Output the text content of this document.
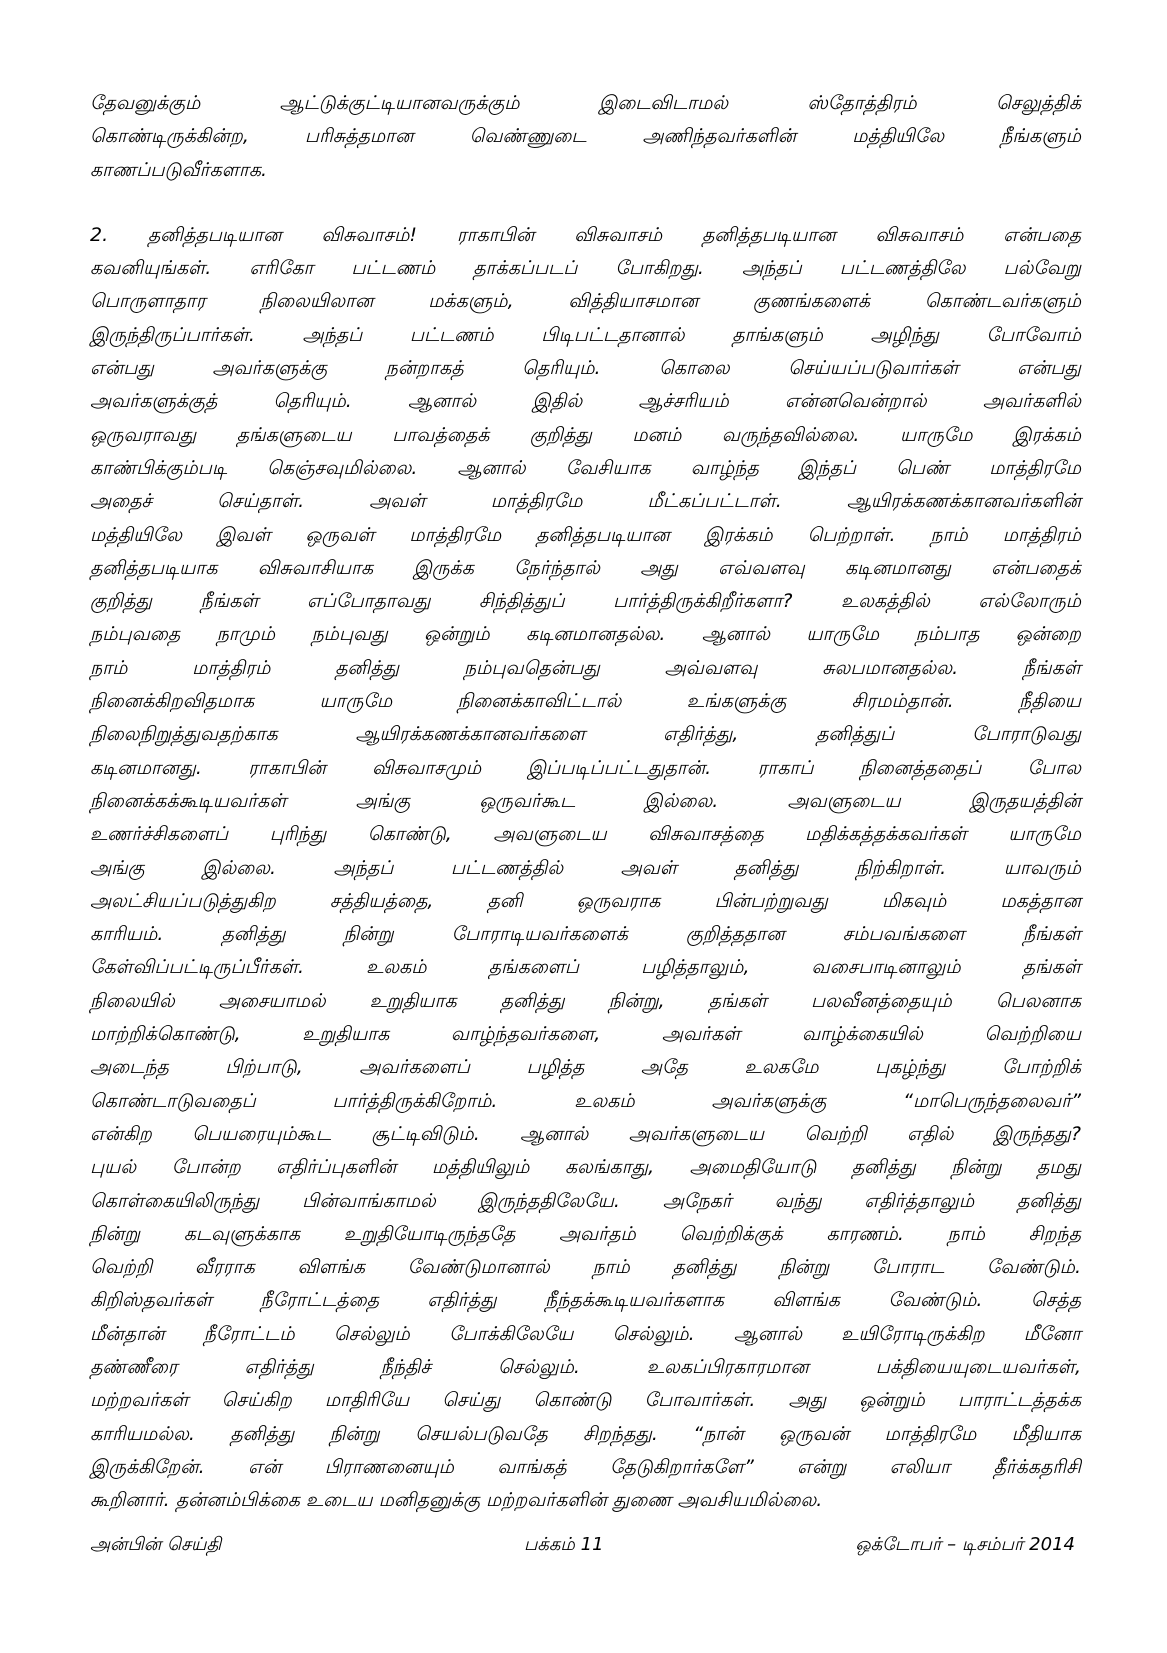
தேவனுக்கும் ஆட்டுக்குட்டியானவருக்கும் இடைவிடாமல் ஸ்தோத்திரம் செலுத்திக்
கொண்டிருக்கின்ற, பரிசுத்தமான வெண்ணுடை அணிந்தவர்களின் மத்தியிலே நீங்களும்
காணப்படுவீர்களாக.
2. தனித்தபடியான விசுவாசம்! ராகாபின் விசுவாசம் தனித்தபடியான விசுவாசம் என்பதை
கவனியுங்கள். எரிகோ பட்டணம் தாக்கப்படப் போகிறது. அந்தப் பட்டணத்திலே பல்வேறு
பொருளாதார நிலையிலான மக்களும், வித்தியாசமான குணங்களைக் கொண்டவர்களும்
இருந்திருப்பார்கள். அந்தப் பட்டணம் பிடிபட்டதானால் தாங்களும் அழிந்து போவோம்
என்பது அவர்களுக்கு நன்றாகத் தெரியும். கொலை செய்யப்படுவார்கள் என்பது
அவர்களுக்குத் தெரியும். ஆனால் இதில் ஆச்சரியம் என்னவென்றால் அவர்களில்
ஒருவராவது தங்களுடைய பாவத்தைக் குறித்து மனம் வருந்தவில்லை. யாருமே இரக்கம்
காண்பிக்கும்படி கெஞ்சவுமில்லை. ஆனால் வேசியாக வாழ்ந்த இந்தப் பெண் மாத்திரமே
அதைச் செய்தாள். அவள் மாத்திரமே மீட்கப்பட்டாள். ஆயிரக்கணக்கானவர்களின்
மத்தியிலே இவள் ஒருவள் மாத்திரமே தனித்தபடியான இரக்கம் பெற்றாள். நாம் மாத்திரம்
தனித்தபடியாக விசுவாசியாக இருக்க நேர்ந்தால் அது எவ்வளவு கடினமானது என்பதைக்
குறித்து நீங்கள் எப்போதாவது சிந்தித்துப் பார்த்திருக்கிறீர்களா? உலகத்தில் எல்லோரும்
நம்புவதை நாமும் நம்புவது ஒன்றும் கடினமானதல்ல. ஆனால் யாருமே நம்பாத ஒன்றை
நாம் மாத்திரம் தனித்து நம்புவதென்பது அவ்வளவு சுலபமானதல்ல. நீங்கள்
நினைக்கிறவிதமாக யாருமே நினைக்காவிட்டால் உங்களுக்கு சிரமம்தான். நீதியை
நிலைநிறுத்துவதற்காக ஆயிரக்கணக்கானவர்களை எதிர்த்து, தனித்துப் போராடுவது
கடினமானது. ராகாபின் விசுவாசமும் இப்படிப்பட்டதுதான். ராகாப் நினைத்ததைப் போல
நினைக்கக்கூடியவர்கள் அங்கு ஒருவர்கூட இல்லை. அவளுடைய இருதயத்தின்
உணர்ச்சிகளைப் புரிந்து கொண்டு, அவளுடைய விசுவாசத்தை மதிக்கத்தக்கவர்கள் யாருமே
அங்கு இல்லை. அந்தப் பட்டணத்தில் அவள் தனித்து நிற்கிறாள். யாவரும்
அலட்சியப்படுத்துகிற சத்தியத்தை, தனி ஒருவராக பின்பற்றுவது மிகவும் மகத்தான
காரியம். தனித்து நின்று போராடியவர்களைக் குறித்ததான சம்பவங்களை நீங்கள்
கேள்விப்பட்டிருப்பீர்கள். உலகம் தங்களைப் பழித்தாலும், வசைபாடினாலும் தங்கள்
நிலையில் அசையாமல் உறுதியாக தனித்து நின்று, தங்கள் பலவீனத்தையும் பெலனாக
மாற்றிக்கொண்டு, உறுதியாக வாழ்ந்தவர்களை, அவர்கள் வாழ்க்கையில் வெற்றியை
அடைந்த பிற்பாடு, அவர்களைப் பழித்த அதே உலகமே புகழ்ந்து போற்றிக்
கொண்டாடுவதைப் பார்த்திருக்கிறோம். உலகம் அவர்களுக்கு “மாபெருந்தலைவர்”
என்கிற பெயரையும்கூட சூட்டிவிடும். ஆனால் அவர்களுடைய வெற்றி எதில் இருந்தது?
புயல் போன்ற எதிர்ப்புகளின் மத்தியிலும் கலங்காது, அமைதியோடு தனித்து நின்று தமது
கொள்கையிலிருந்து பின்வாங்காமல் இருந்ததிலேயே. அநேகர் வந்து எதிர்த்தாலும் தனித்து
நின்று கடவுளுக்காக உறுதியோடிருந்ததே அவர்தம் வெற்றிக்குக் காரணம். நாம் சிறந்த
வெற்றி வீரராக விளங்க வேண்டுமானால் நாம் தனித்து நின்று போராட வேண்டும்.
கிறிஸ்தவர்கள் நீரோட்டத்தை எதிர்த்து நீந்தக்கூடியவர்களாக விளங்க வேண்டும். செத்த
மீன்தான் நீரோட்டம் செல்லும் போக்கிலேயே செல்லும். ஆனால் உயிரோடிருக்கிற மீனோ
தண்ணீரை எதிர்த்து நீந்திச் செல்லும். உலகப்பிரகாரமான பக்தியையுடையவர்கள்,
மற்றவர்கள் செய்கிற மாதிரியே செய்து கொண்டு போவார்கள். அது ஒன்றும் பாராட்டத்தக்க
காரியமல்ல. தனித்து நின்று செயல்படுவதே சிறந்தது. “நான் ஒருவன் மாத்திரமே மீதியாக
இருக்கிறேன். என் பிராணனையும் வாங்கத் தேடுகிறார்களே” என்று எலியா தீர்க்கதரிசி
கூறினார். தன்னம்பிக்கை உடைய மனிதனுக்கு மற்றவர்களின் துணை அவசியமில்லை.
அன்பின் செய்தி	பக்கம் 11	ஒக்டோபர் – டிசம்பர் 2014
